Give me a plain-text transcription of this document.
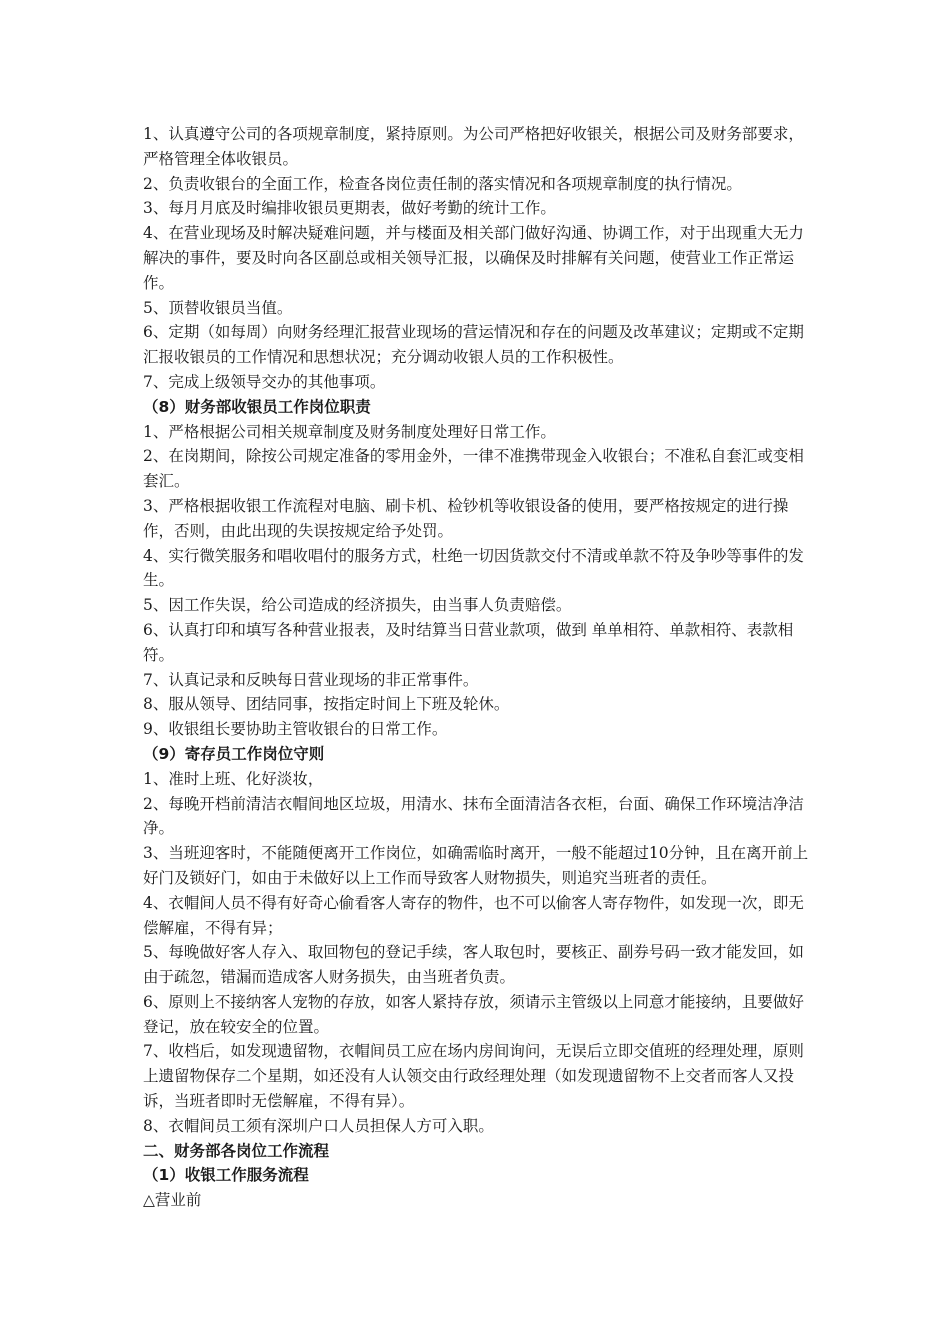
1、认真遵守公司的各项规章制度，紧持原则。为公司严格把好收银关，根据公司及财务部要求，严格管理全体收银员。

2、负责收银台的全面工作，检查各岗位责任制的落实情况和各项规章制度的执行情况。

3、每月月底及时编排收银员更期表，做好考勤的统计工作。

4、在营业现场及时解决疑难问题，并与楼面及相关部门做好沟通、协调工作，对于出现重大无力解决的事件，要及时向各区副总或相关领导汇报，以确保及时排解有关问题，使营业工作正常运作。

5、顶替收银员当值。

6、定期（如每周）向财务经理汇报营业现场的营运情况和存在的问题及改革建议；定期或不定期汇报收银员的工作情况和思想状况；充分调动收银人员的工作积极性。

7、完成上级领导交办的其他事项。

（8）财务部收银员工作岗位职责

1、严格根据公司相关规章制度及财务制度处理好日常工作。

2、在岗期间，除按公司规定准备的零用金外，一律不准携带现金入收银台；不准私自套汇或变相套汇。

3、严格根据收银工作流程对电脑、刷卡机、检钞机等收银设备的使用，要严格按规定的进行操作，否则，由此出现的失误按规定给予处罚。

4、实行微笑服务和唱收唱付的服务方式，杜绝一切因货款交付不清或单款不符及争吵等事件的发生。

5、因工作失误，给公司造成的经济损失，由当事人负责赔偿。

6、认真打印和填写各种营业报表，及时结算当日营业款项，做到 单单相符、单款相符、表款相符。

7、认真记录和反映每日营业现场的非正常事件。

8、服从领导、团结同事，按指定时间上下班及轮休。

9、收银组长要协助主管收银台的日常工作。

（9）寄存员工作岗位守则

1、准时上班、化好淡妆，

2、每晚开档前清洁衣帽间地区垃圾，用清水、抹布全面清洁各衣柜，台面、确保工作环境洁净洁净。

3、当班迎客时，不能随便离开工作岗位，如确需临时离开，一般不能超过10分钟，且在离开前上好门及锁好门，如由于未做好以上工作而导致客人财物损失，则追究当班者的责任。

4、衣帽间人员不得有好奇心偷看客人寄存的物件，也不可以偷客人寄存物件，如发现一次，即无偿解雇，不得有异；

5、每晚做好客人存入、取回物包的登记手续，客人取包时，要核正、副券号码一致才能发回，如由于疏忽，错漏而造成客人财务损失，由当班者负责。

6、原则上不接纳客人宠物的存放，如客人紧持存放，须请示主管级以上同意才能接纳，且要做好登记，放在较安全的位置。

7、收档后，如发现遗留物，衣帽间员工应在场内房间询问，无误后立即交值班的经理处理，原则上遗留物保存二个星期，如还没有人认领交由行政经理处理（如发现遗留物不上交者而客人又投诉，当班者即时无偿解雇，不得有异）。

8、衣帽间员工须有深圳户口人员担保人方可入职。

二、财务部各岗位工作流程

（1）收银工作服务流程

△营业前
